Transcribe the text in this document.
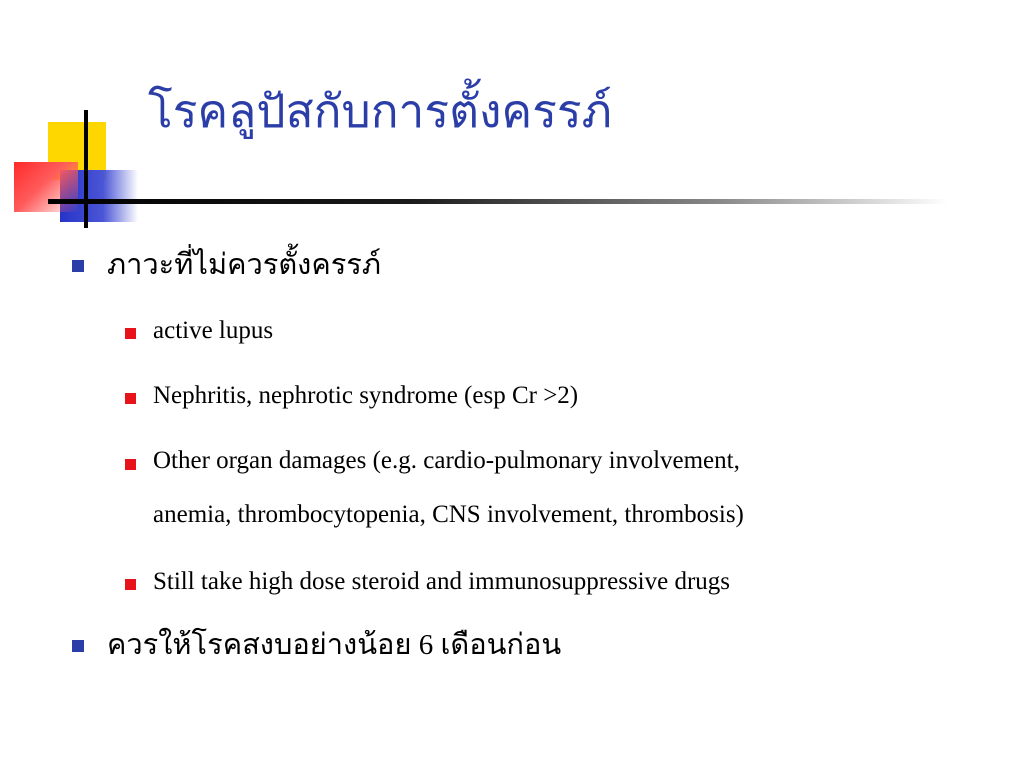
โรคลูปัสกับการตั้งครรภ์
ภาวะที่ไม่ควรตั้งครรภ์
active lupus
Nephritis, nephrotic syndrome (esp Cr >2)
Other organ damages (e.g. cardio-pulmonary involvement,
anemia, thrombocytopenia, CNS involvement, thrombosis)
Still take high dose steroid and immunosuppressive drugs
ควรให้โรคสงบอย่างน้อย 6 เดือนก่อน
